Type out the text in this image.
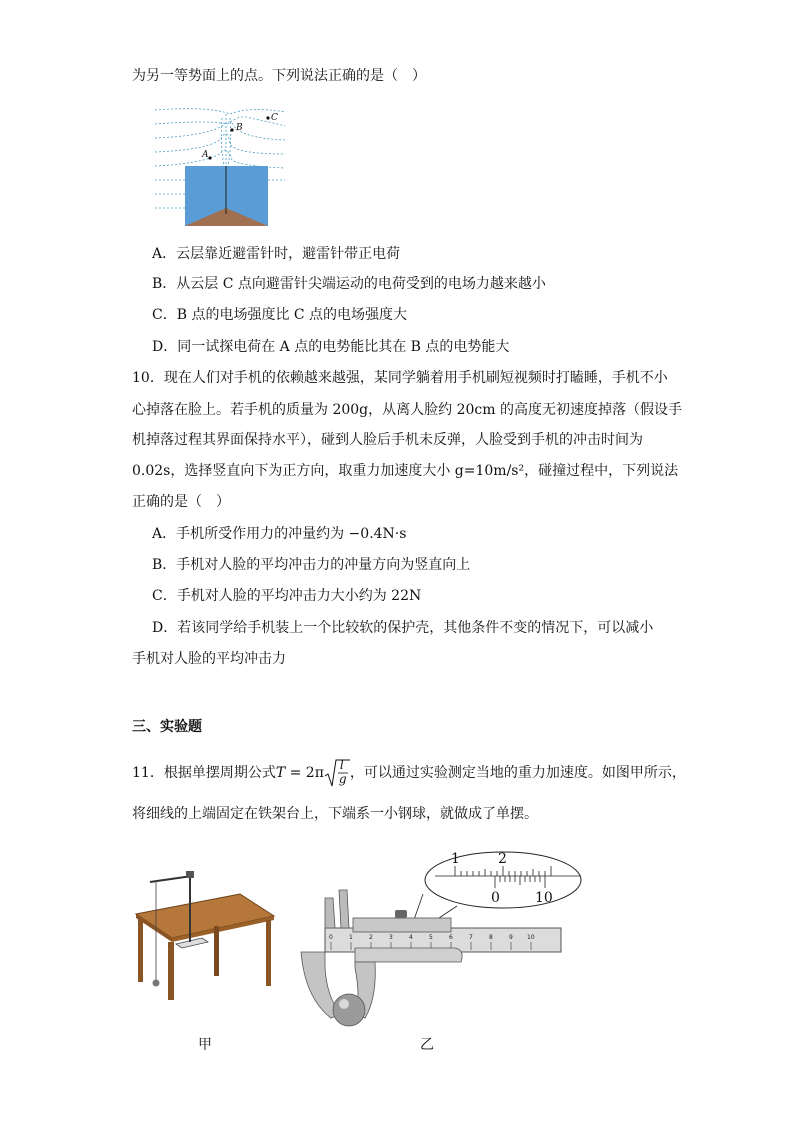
为另一等势面上的点。下列说法正确的是（　）
B
A
C
A．云层靠近避雷针时，避雷针带正电荷
B．从云层 C 点向避雷针尖端运动的电荷受到的电场力越来越小
C．B 点的电场强度比 C 点的电场强度大
D．同一试探电荷在 A 点的电势能比其在 B 点的电势能大
10．现在人们对手机的依赖越来越强，某同学躺着用手机刷短视频时打瞌睡，手机不小
心掉落在脸上。若手机的质量为 200g，从离人脸约 20cm 的高度无初速度掉落（假设手
机掉落过程其界面保持水平），碰到人脸后手机未反弹，人脸受到手机的冲击时间为
0.02s，选择竖直向下为正方向，取重力加速度大小 g=10m/s²，碰撞过程中，下列说法
正确的是（　）
A．手机所受作用力的冲量约为 −0.4N·s
B．手机对人脸的平均冲击力的冲量方向为竖直向上
C．手机对人脸的平均冲击力大小约为 22N
D．若该同学给手机装上一个比较软的保护壳，其他条件不变的情况下，可以减小
手机对人脸的平均冲击力
三、实验题
11．根据单摆周期公式T = 2π l
g ，可以通过实验测定当地的重力加速度。如图甲所示，
将细线的上端固定在铁架台上，下端系一小钢球，就做成了单摆。
1	2
0	10
0	1	2	3	4	5	6	7	8	9 10
甲	乙
